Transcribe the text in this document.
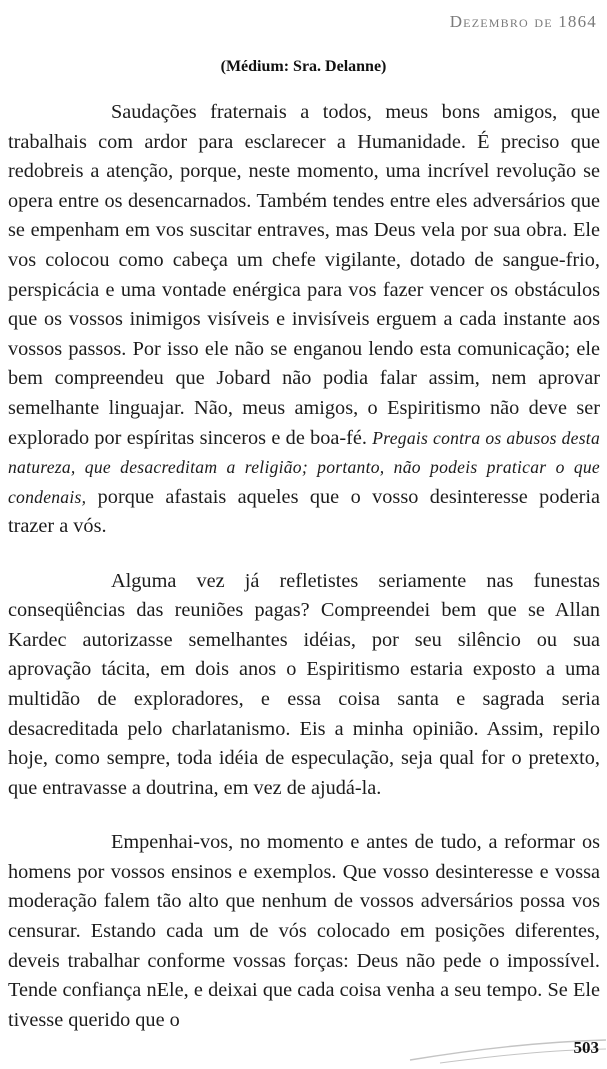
Dezembro de 1864
(Médium: Sra. Delanne)

Saudações fraternais a todos, meus bons amigos, que trabalhais com ardor para esclarecer a Humanidade. É preciso que redobreis a atenção, porque, neste momento, uma incrível revolução se opera entre os desencarnados. Também tendes entre eles adversários que se empenham em vos suscitar entraves, mas Deus vela por sua obra. Ele vos colocou como cabeça um chefe vigilante, dotado de sangue-frio, perspicácia e uma vontade enérgica para vos fazer vencer os obstáculos que os vossos inimigos visíveis e invisíveis erguem a cada instante aos vossos passos. Por isso ele não se enganou lendo esta comunicação; ele bem compreendeu que Jobard não podia falar assim, nem aprovar semelhante linguajar. Não, meus amigos, o Espiritismo não deve ser explorado por espíritas sinceros e de boa-fé. Pregais contra os abusos desta natureza, que desacreditam a religião; portanto, não podeis praticar o que condenais, porque afastais aqueles que o vosso desinteresse poderia trazer a vós.

Alguma vez já refletistes seriamente nas funestas conseqüências das reuniões pagas? Compreendei bem que se Allan Kardec autorizasse semelhantes idéias, por seu silêncio ou sua aprovação tácita, em dois anos o Espiritismo estaria exposto a uma multidão de exploradores, e essa coisa santa e sagrada seria desacreditada pelo charlatanismo. Eis a minha opinião. Assim, repilo hoje, como sempre, toda idéia de especulação, seja qual for o pretexto, que entravasse a doutrina, em vez de ajudá-la.

Empenhai-vos, no momento e antes de tudo, a reformar os homens por vossos ensinos e exemplos. Que vosso desinteresse e vossa moderação falem tão alto que nenhum de vossos adversários possa vos censurar. Estando cada um de vós colocado em posições diferentes, deveis trabalhar conforme vossas forças: Deus não pede o impossível. Tende confiança nEle, e deixai que cada coisa venha a seu tempo. Se Ele tivesse querido que o

503
